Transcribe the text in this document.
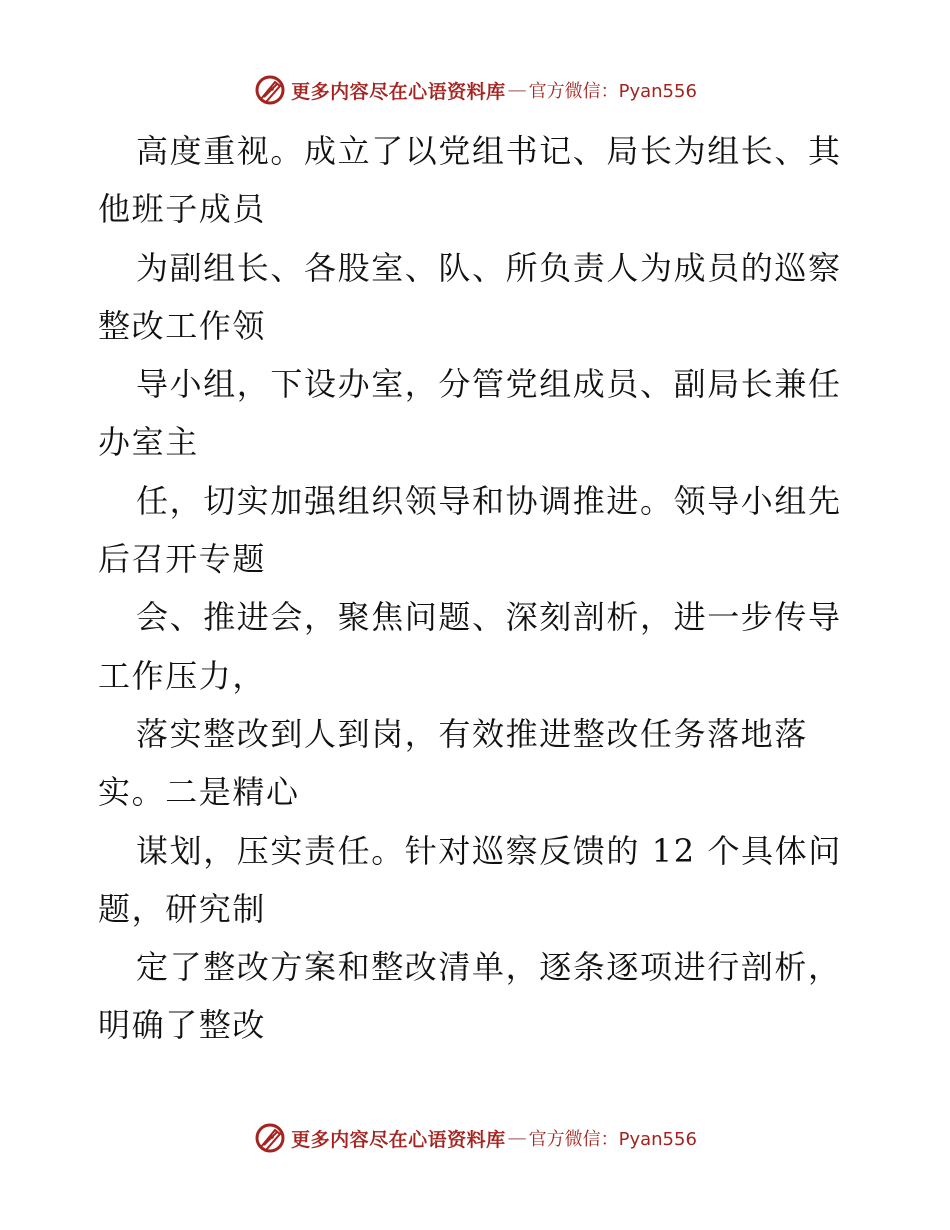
更多内容尽在心语资料库 — 官方微信：Pyan556
高度重视。成立了以党组书记、局长为组长、其
他班子成员
为副组长、各股室、队、所负责人为成员的巡察
整改工作领
导小组，下设办室，分管党组成员、副局长兼任
办室主
任，切实加强组织领导和协调推进。领导小组先
后召开专题
会、推进会，聚焦问题、深刻剖析，进一步传导
工作压力，
落实整改到人到岗，有效推进整改任务落地落
实。二是精心
谋划，压实责任。针对巡察反馈的 12 个具体问
题，研究制
定了整改方案和整改清单，逐条逐项进行剖析，
明确了整改
更多内容尽在心语资料库 — 官方微信：Pyan556
